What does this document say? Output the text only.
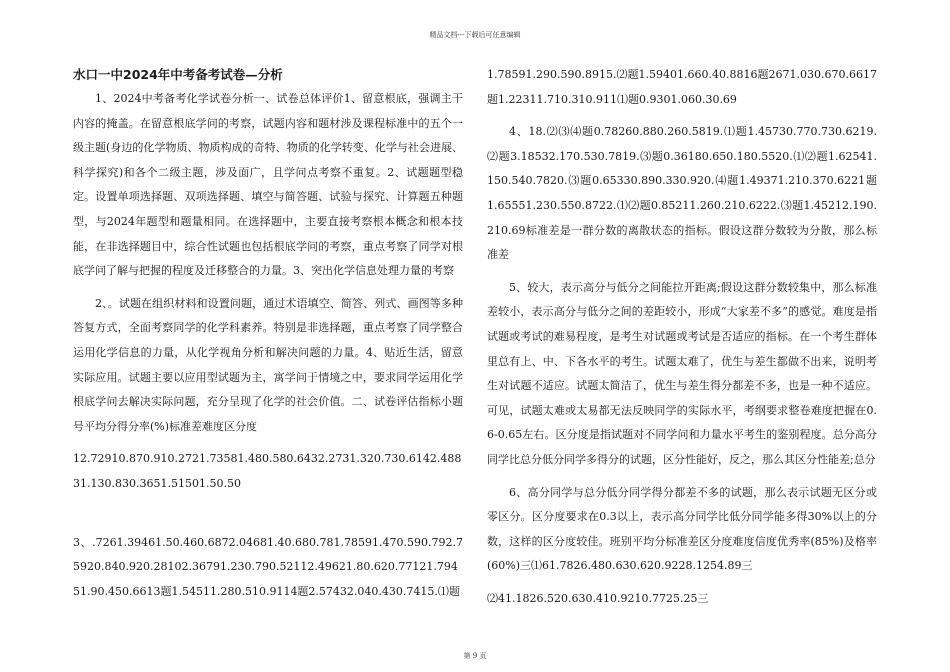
精品文档---下载后可任意编辑
水口一中2024年中考备考试卷—分析

1、2024中考备考化学试卷分析一、试卷总体评价1、留意根底，强调主干内容的掩盖。在留意根底学问的考察，试题内容和题材涉及课程标准中的五个一级主题(身边的化学物质、物质构成的奇特、物质的化学转变、化学与社会进展、科学探究)和各个二级主题，涉及面广，且学问点考察不重复。2、试题题型稳定。设置单项选择题、双项选择题、填空与简答题、试验与探究、计算题五种题型，与2024年题型和题量相同。在选择题中，主要直接考察根本概念和根本技能，在非选择题目中，综合性试题也包括根底学问的考察，重点考察了同学对根底学问了解与把握的程度及迁移整合的力量。3、突出化学信息处理力量的考察

2、。试题在组织材料和设置问题，通过术语填空、简答、列式、画图等多种答复方式，全面考察同学的化学科素养。特别是非选择题，重点考察了同学整合运用化学信息的力量，从化学视角分析和解决问题的力量。4、贴近生活，留意实际应用。试题主要以应用型试题为主，寓学问于情境之中，要求同学运用化学根底学问去解决实际问题，充分呈现了化学的社会价值。二、试卷评估指标小题号平均分得分率(%)标准差难度区分度

12.72910.870.910.2721.73581.480.580.6432.2731.320.730.6142.48831.130.830.3651.51501.50.50

3、.7261.39461.50.460.6872.04681.40.680.781.78591.470.590.792.75920.840.920.28102.36791.230.790.52112.49621.80.620.77121.79451.90.450.6613题1.54511.280.510.9114题2.57432.040.430.7415.⑴题

1.78591.290.590.8915.⑵题1.59401.660.40.8816题2671.030.670.6617题1.22311.710.310.911⑴题0.9301.060.30.69

4、18.⑵⑶⑷题0.78260.880.260.5819.⑴题1.45730.770.730.6219.⑵题3.18532.170.530.7819.⑶题0.36180.650.180.5520.⑴⑵题1.62541.150.540.7820.⑶题0.65330.890.330.920.⑷题1.49371.210.370.6221题1.65551.230.550.8722.⑴⑵题0.85211.260.210.6222.⑶题1.45212.190.210.69标准差是一群分数的离散状态的指标。假设这群分数较为分散，那么标准差

5、较大，表示高分与低分之间能拉开距离;假设这群分数较集中，那么标准差较小，表示高分与低分之间的差距较小，形成“大家差不多”的感觉。难度是指试题或考试的难易程度，是考生对试题或考试是否适应的指标。在一个考生群体里总有上、中、下各水平的考生。试题太难了，优生与差生都做不出来，说明考生对试题不适应。试题太简洁了，优生与差生得分都差不多，也是一种不适应。可见，试题太难或太易都无法反映同学的实际水平，考纲要求整卷难度把握在0.6-0.65左右。区分度是指试题对不同学问和力量水平考生的鉴别程度。总分高分同学比总分低分同学多得分的试题，区分性能好，反之，那么其区分性能差;总分

6、高分同学与总分低分同学得分都差不多的试题，那么表示试题无区分或零区分。区分度要求在0.3以上，表示高分同学比低分同学能多得30%以上的分数，这样的区分度较佳。班别平均分标准差区分度难度信度优秀率(85%)及格率(60%)三⑴61.7826.480.630.620.9228.1254.89三

⑵41.1826.520.630.410.9210.7725.25三

第 9 页
